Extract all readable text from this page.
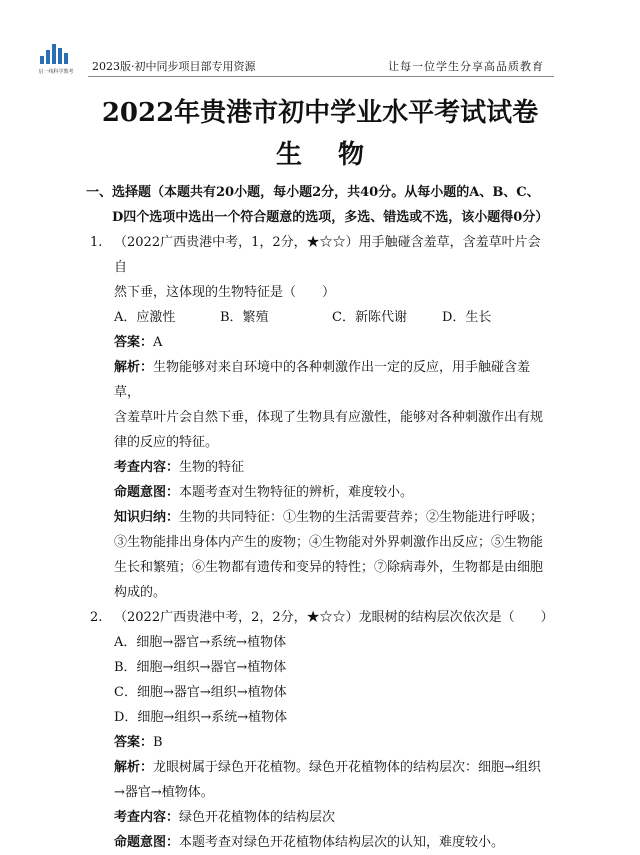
启一线科学教考 2023版·初中同步项目部专用资源	让每一位学生分享高品质教育
2022年贵港市初中学业水平考试试卷
生物
一、选择题（本题共有20小题，每小题2分，共40分。从每小题的A、B、C、
D四个选项中选出一个符合题意的选项，多选、错选或不选，该小题得0分）
1. （2022广西贵港中考，1，2分，★☆☆）用手触碰含羞草，含羞草叶片会自
然下垂，这体现的生物特征是（　　）
A．应激性	B．繁殖	C．新陈代谢	D．生长
答案：A
解析：生物能够对来自环境中的各种刺激作出一定的反应，用手触碰含羞草，
含羞草叶片会自然下垂，体现了生物具有应激性，能够对各种刺激作出有规
律的反应的特征。
考查内容：生物的特征
命题意图：本题考查对生物特征的辨析，难度较小。
知识归纳：生物的共同特征：①生物的生活需要营养；②生物能进行呼吸；
③生物能排出身体内产生的废物；④生物能对外界刺激作出反应；⑤生物能
生长和繁殖；⑥生物都有遗传和变异的特性；⑦除病毒外，生物都是由细胞
构成的。
2. （2022广西贵港中考，2，2分，★☆☆）龙眼树的结构层次依次是（　　）
A．细胞→器官→系统→植物体
B．细胞→组织→器官→植物体
C．细胞→器官→组织→植物体
D．细胞→组织→系统→植物体
答案：B
解析：龙眼树属于绿色开花植物。绿色开花植物体的结构层次：细胞→组织
→器官→植物体。
考查内容：绿色开花植物体的结构层次
命题意图：本题考查对绿色开花植物体结构层次的认知，难度较小。
